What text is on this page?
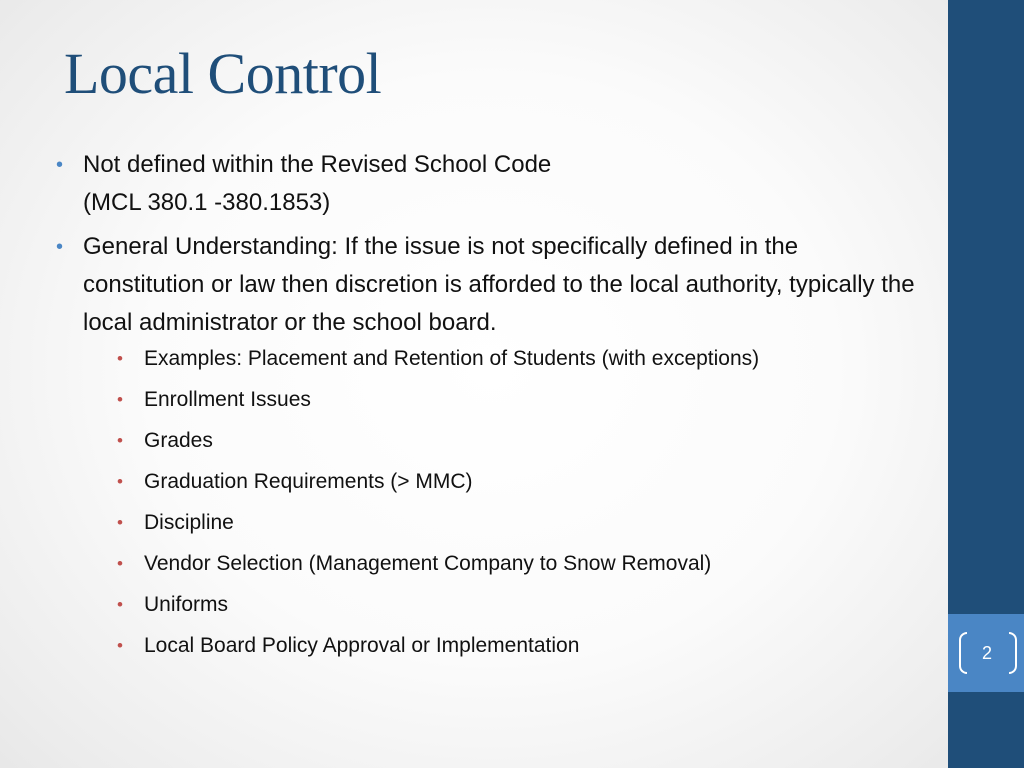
Local Control
• Not defined within the Revised School Code
(MCL 380.1 -380.1853)
• General Understanding: If the issue is not specifically defined in the constitution or law then discretion is afforded to the local authority, typically the local administrator or the school board.
• Examples: Placement and Retention of Students (with exceptions)
• Enrollment Issues
• Grades
• Graduation Requirements (> MMC)
• Discipline
• Vendor Selection (Management Company to Snow Removal)
• Uniforms
• Local Board Policy Approval or Implementation	2
